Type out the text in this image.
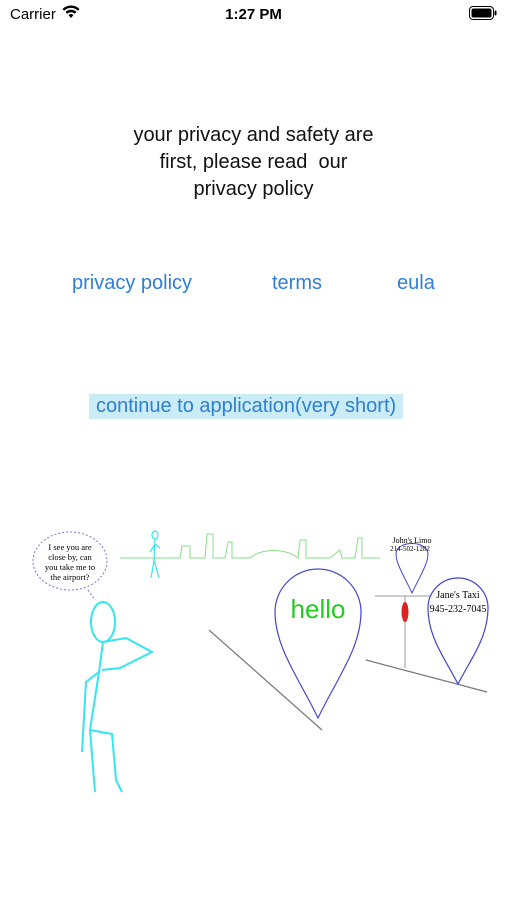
Carrier	1:27 PM
your privacy and safety are
first, please read  our
privacy policy
privacy policy	terms	eula
continue to application(very short)
I see you are
close by, can
you take me to
the airport?
hello
John's Limo
214-502-1282
Jane's Taxi
945-232-7045
